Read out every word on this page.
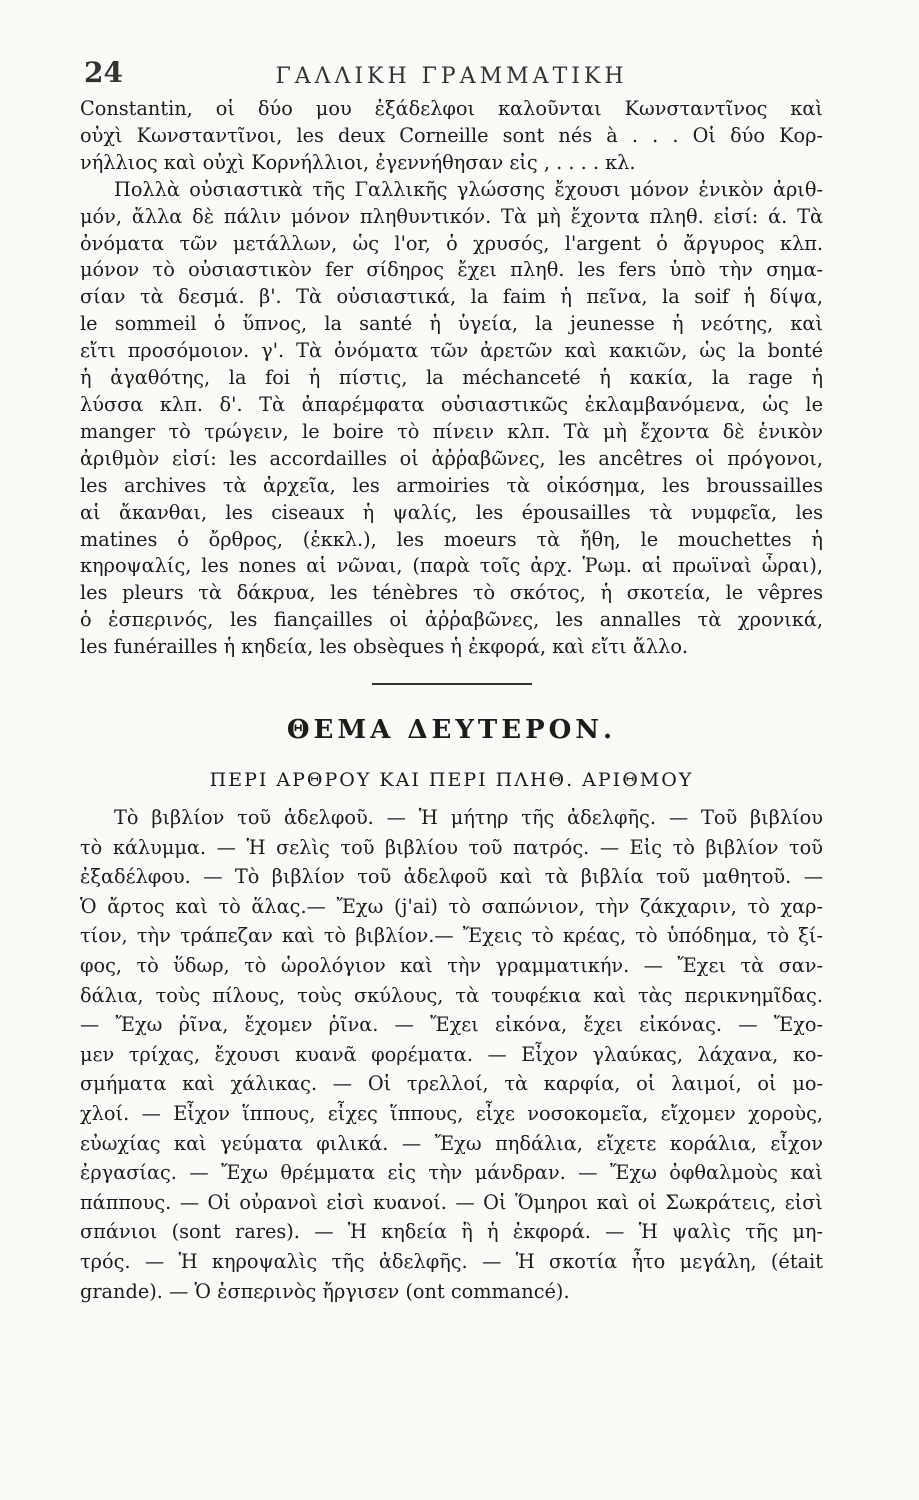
24	ΓΑΛΛΙΚΗ ΓΡΑΜΜΑΤΙΚΗ
Constantin, οἱ δύο μου ἐξάδελφοι καλοῦνται Κωνσταντῖνος καὶ
οὐχὶ Κωνσταντῖνοι, les deux Corneille sont nés à . . . Οἱ δύο Κορ-
νήλλιος καὶ οὐχὶ Κορνήλλιοι, ἐγεννήθησαν εἰς , . . . . κλ.
Πολλὰ οὐσιαστικὰ τῆς Γαλλικῆς γλώσσης ἔχουσι μόνον ἑνικὸν ἀριθ-
μόν, ἄλλα δὲ πάλιν μόνον πληθυντικόν. Τὰ μὴ ἔχοντα πληθ. εἰσί: ά. Τὰ
ὀνόματα τῶν μετάλλων, ὡς l'or, ὁ χρυσός, l'argent ὁ ἄργυρος κλπ.
μόνον τὸ οὐσιαστικὸν fer σίδηρος ἔχει πληθ. les fers ὑπὸ τὴν σημα-
σίαν τὰ δεσμά. β'. Τὰ οὐσιαστικά, la faim ἡ πεῖνα, la soif ἡ δίψα,
le sommeil ὁ ὕπνος, la santé ἡ ὑγεία, la jeunesse ἡ νεότης, καὶ
εἴτι προσόμοιον. γ'. Τὰ ὀνόματα τῶν ἀρετῶν καὶ κακιῶν, ὡς la bonté
ἡ ἀγαθότης, la foi ἡ πίστις, la méchanceté ἡ κακία, la rage ἡ
λύσσα κλπ. δ'. Τὰ ἀπαρέμφατα οὐσιαστικῶς ἐκλαμβανόμενα, ὡς le
manger τὸ τρώγειν, le boire τὸ πίνειν κλπ. Τὰ μὴ ἔχοντα δὲ ἑνικὸν
ἀριθμὸν εἰσί: les accordailles οἱ ἀῤῥαβῶνες, les ancêtres οἱ πρόγονοι,
les archives τὰ ἀρχεῖα, les armoiries τὰ οἰκόσημα, les broussailles
αἱ ἄκανθαι, les ciseaux ἡ ψαλίς, les épousailles τὰ νυμφεῖα, les
matines ὁ ὄρθρος, (ἐκκλ.), les moeurs τὰ ἤθη, le mouchettes ἡ
κηροψαλίς, les nones αἱ νῶναι, (παρὰ τοῖς ἀρχ. Ῥωμ. αἱ πρωϊναὶ ὧραι),
les pleurs τὰ δάκρυα, les ténèbres τὸ σκότος, ἡ σκοτεία, le vêpres
ὁ ἑσπερινός, les fiançailles οἱ ἀῤῥαβῶνες, les annalles τὰ χρονικά,
les funérailles ἡ κηδεία, les obsèques ἡ ἐκφορά, καὶ εἴτι ἄλλο.
ΘΕΜΑ ΔΕΥΤΕΡΟΝ.
ΠΕΡΙ ΑΡΘΡΟΥ ΚΑΙ ΠΕΡΙ ΠΛΗΘ. ΑΡΙΘΜΟΥ
Τὸ βιβλίον τοῦ ἀδελφοῦ. — Ἡ μήτηρ τῆς ἀδελφῆς. — Τοῦ βιβλίου
τὸ κάλυμμα. — Ἡ σελὶς τοῦ βιβλίου τοῦ πατρός. — Εἰς τὸ βιβλίον τοῦ
ἐξαδέλφου. — Τὸ βιβλίον τοῦ ἀδελφοῦ καὶ τὰ βιβλία τοῦ μαθητοῦ. —
Ὁ ἄρτος καὶ τὸ ἅλας.— Ἔχω (j'ai) τὸ σαπώνιον, τὴν ζάκχαριν, τὸ χαρ-
τίον, τὴν τράπεζαν καὶ τὸ βιβλίον.— Ἔχεις τὸ κρέας, τὸ ὑπόδημα, τὸ ξί-
φος, τὸ ὕδωρ, τὸ ὡρολόγιον καὶ τὴν γραμματικήν. — Ἔχει τὰ σαν-
δάλια, τοὺς πίλους, τοὺς σκύλους, τὰ τουφέκια καὶ τὰς περικνημῖδας.
— Ἔχω ῥῖνα, ἔχομεν ῥῖνα. — Ἔχει εἰκόνα, ἔχει εἰκόνας. — Ἔχο-
μεν τρίχας, ἔχουσι κυανᾶ φορέματα. — Εἶχον γλαύκας, λάχανα, κο-
σμήματα καὶ χάλικας. — Οἱ τρελλοί, τὰ καρφία, οἱ λαιμοί, οἱ μο-
χλοί. — Εἶχον ἵππους, εἶχες ἵππους, εἶχε νοσοκομεῖα, εἴχομεν χοροὺς,
εὐωχίας καὶ γεύματα φιλικά. — Ἔχω πηδάλια, εἴχετε κοράλια, εἶχον
ἐργασίας. — Ἔχω θρέμματα εἰς τὴν μάνδραν. — Ἔχω ὀφθαλμοὺς καὶ
πάππους. — Οἱ οὐρανοὶ εἰσὶ κυανοί. — Οἱ Ὅμηροι καὶ οἱ Σωκράτεις, εἰσὶ
σπάνιοι (sont rares). — Ἡ κηδεία ἢ ἡ ἐκφορά. — Ἡ ψαλὶς τῆς μη-
τρός. — Ἡ κηροψαλὶς τῆς ἀδελφῆς. — Ἡ σκοτία ἦτο μεγάλη, (était
grande). — Ὁ ἑσπερινὸς ἤργισεν (ont commancé).
